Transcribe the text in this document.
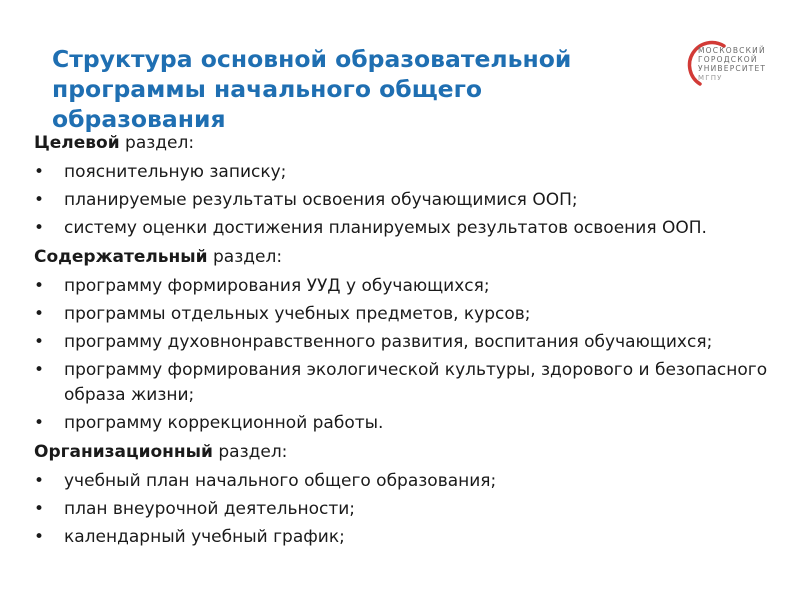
Структура основной образовательной программы начального общего образования
МОСКОВСКИЙ
ГОРОДСКОЙ
УНИВЕРСИТЕТ
МГПУ
Целевой раздел:
• пояснительную записку;
• планируемые результаты освоения обучающимися ООП;
• систему оценки достижения планируемых результатов освоения ООП.
Содержательный раздел:
• программу формирования УУД у обучающихся;
• программы отдельных учебных предметов, курсов;
• программу духовнонравственного развития, воспитания обучающихся;
• программу формирования экологической культуры, здорового и безопасного образа жизни;
• программу коррекционной работы.
Организационный раздел:
• учебный план начального общего образования;
• план внеурочной деятельности;
• календарный учебный график;
